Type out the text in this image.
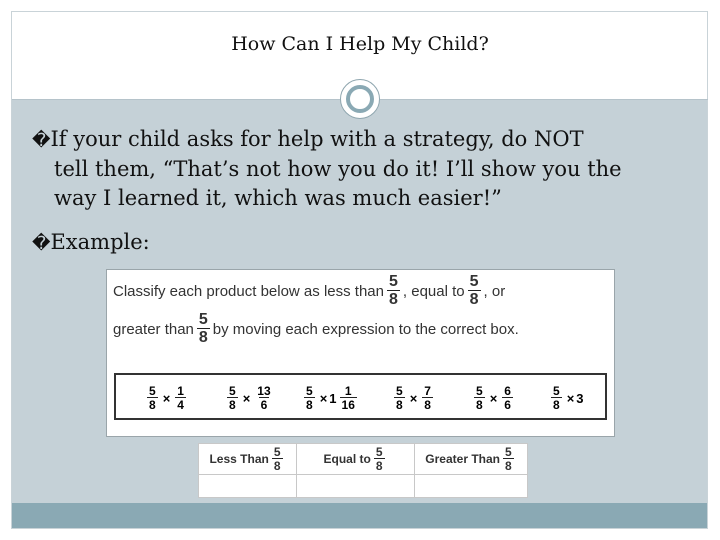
How Can I Help My Child?
�If your child asks for help with a strategy, do NOT
tell them, “That’s not how you do it! I’ll show you the
way I learned it, which was much easier!”
�Example:
Classify each product below as less than $\frac{5}{8}$ , equal to $\frac{5}{8}$ , or
greater than $\frac{5}{8}$ by moving each expression to the correct box.
$\frac{5}{8} \times \frac{1}{4}$	$\frac{5}{8} \times \frac{13}{6}$	$\frac{5}{8} \times 1 \frac{1}{16}$	$\frac{5}{8} \times \frac{7}{8}$	$\frac{5}{8} \times \frac{6}{6}$	$\frac{5}{8} \times 3$
Less Than $\frac{5}{8}$	Equal to $\frac{5}{8}$	Greater Than $\frac{5}{8}$
